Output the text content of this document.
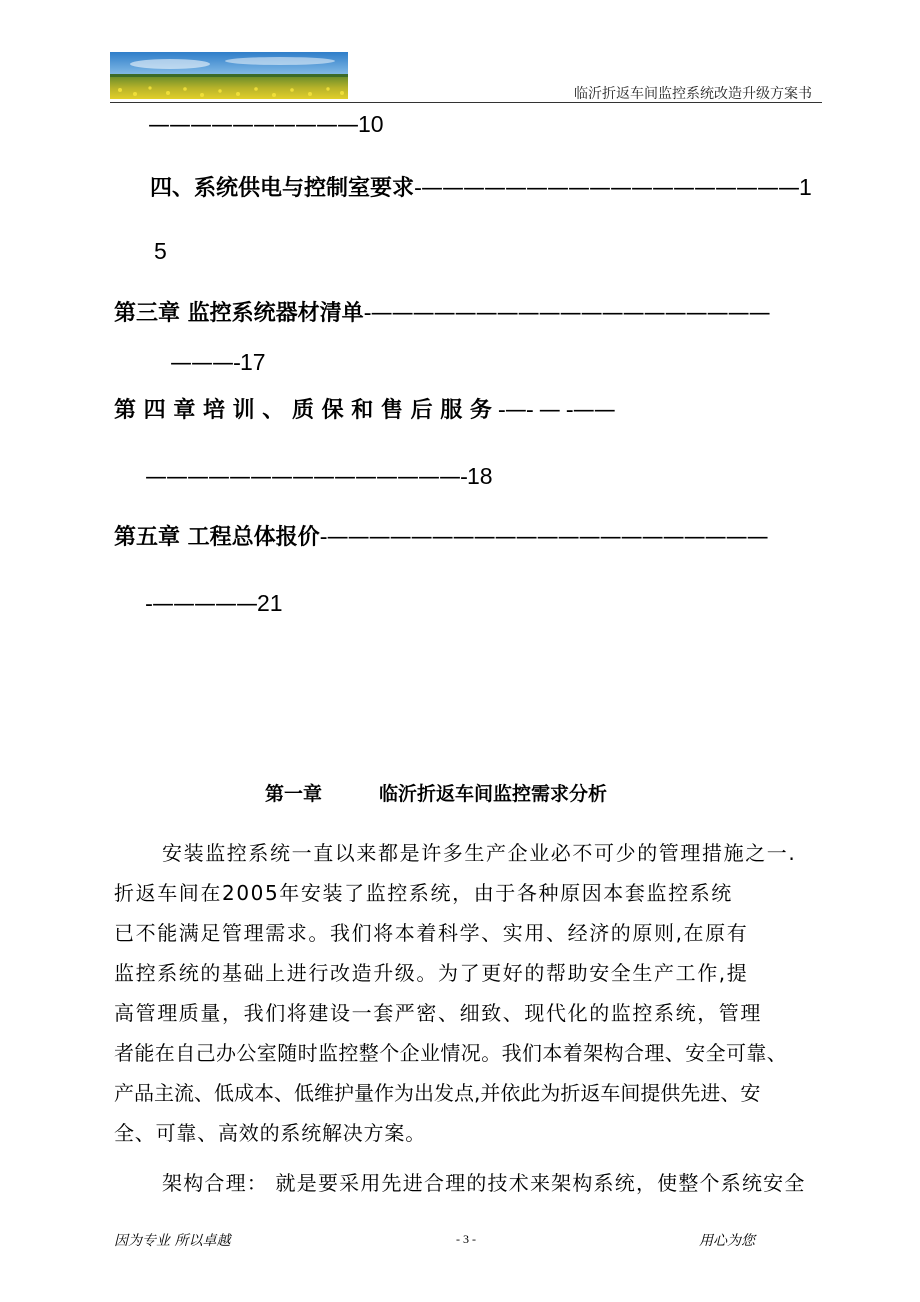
临沂折返车间监控系统改造升级方案书
——————————10
四、系统供电与控制室要求-——————————————————1
5
第三章 监控系统器材清单-———————————————————
———-17
第 四 章 培 训 、 质 保 和 售 后 服 务 -—- — -——
———————————————-18
第五章 工程总体报价-—————————————————————
-—————21
第一章	临沂折返车间监控需求分析
安装监控系统一直以来都是许多生产企业必不可少的管理措施之一.
折返车间在2005年安装了监控系统，由于各种原因本套监控系统
已不能满足管理需求。我们将本着科学、实用、经济的原则,在原有
监控系统的基础上进行改造升级。为了更好的帮助安全生产工作,提
高管理质量，我们将建设一套严密、细致、现代化的监控系统，管理
者能在自己办公室随时监控整个企业情况。我们本着架构合理、安全可靠、
产品主流、低成本、低维护量作为出发点,并依此为折返车间提供先进、安
全、可靠、高效的系统解决方案。
架构合理： 就是要采用先进合理的技术来架构系统，使整个系统安全
因为专业 所以卓越	- 3 -	用心为您
